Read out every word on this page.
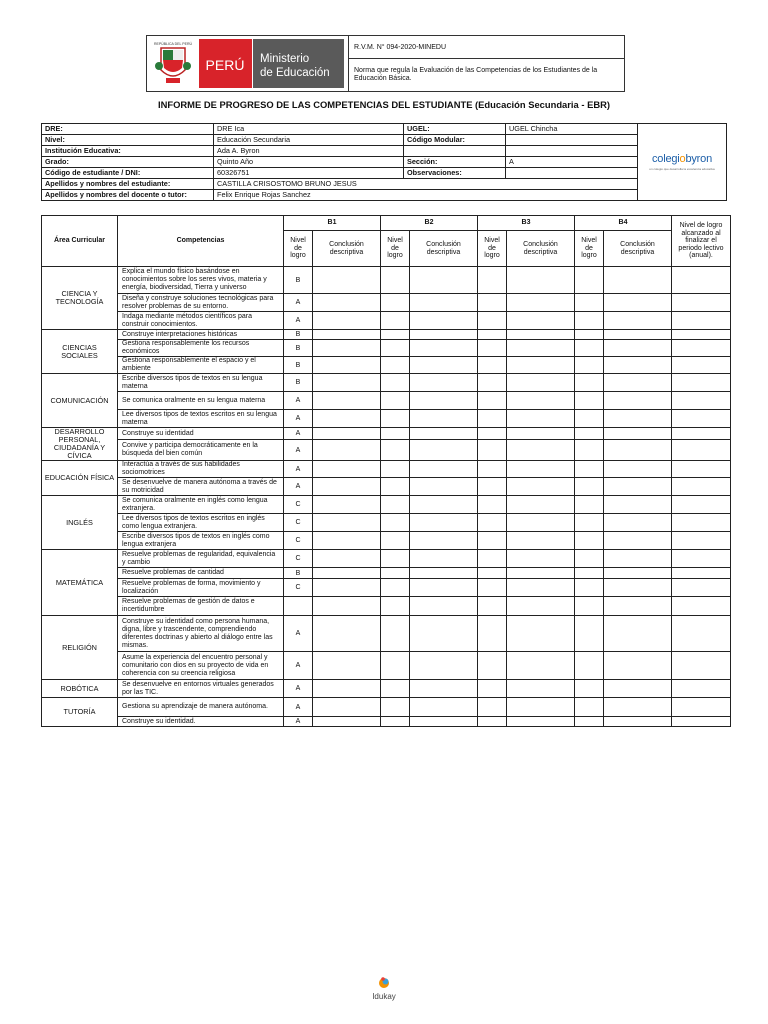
REPÚBLICA DEL PERÚ
PERÚ Ministerio
de Educación
R.V.M. N° 094-2020-MINEDU
Norma que regula la Evaluación de las Competencias de los Estudiantes de la Educación Básica.
INFORME DE PROGRESO DE LAS COMPETENCIAS DEL ESTUDIANTE (Educación Secundaria - EBR)
DRE:	DRE Ica	UGEL:	UGEL Chincha	colegiobyron
un colegio que desarrolla la excelencia educativa

Nivel:	Educación Secundaria	Código Modular:		
Institución Educativa:	Ada A. Byron			
Grado:	Quinto Año	Sección:	A	
Código de estudiante / DNI:	60326751	Observaciones:		
Apellidos y nombres del estudiante:	CASTILLA CRISOSTOMO BRUNO JESUS			
Apellidos y nombres del docente o tutor:	Felix Enrique Rojas Sanchez			
Área Curricular	Competencias	B1		B2		B3		B4		Nivel de logro alcanzado al finalizar el periodo lectivo (anual).
		Nivel de logro	Conclusión descriptiva	Nivel de logro	Conclusión descriptiva	Nivel de logro	Conclusión descriptiva	Nivel de logro	Conclusión descriptiva	
CIENCIA Y TECNOLOGÍA	Explica el mundo físico basándose en conocimientos sobre los seres vivos, materia y energía, biodiversidad, Tierra y universo	B								
	Diseña y construye soluciones tecnológicas para resolver problemas de su entorno.	A								
	Indaga mediante métodos científicos para construir conocimientos.	A								
CIENCIAS SOCIALES	Construye interpretaciones históricas	B								
	Gestiona responsablemente los recursos económicos	B								
	Gestiona responsablemente el espacio y el ambiente	B								
COMUNICACIÓN	Escribe diversos tipos de textos en su lengua materna	B								
	Se comunica oralmente en su lengua materna	A								
	Lee diversos tipos de textos escritos en su lengua materna	A								
DESARROLLO PERSONAL, CIUDADANÍA Y CÍVICA	Construye su identidad	A								
	Convive y participa democráticamente en la búsqueda del bien común	A								
EDUCACIÓN FÍSICA	Interactúa a través de sus habilidades sociomotrices	A								
	Se desenvuelve de manera autónoma a través de su motricidad	A								
INGLÉS	Se comunica oralmente en inglés como lengua extranjera.	C								
	Lee diversos tipos de textos escritos en inglés como lengua extranjera.	C								
	Escribe diversos tipos de textos en inglés como lengua extranjera	C								
MATEMÁTICA	Resuelve problemas de regularidad, equivalencia y cambio	C								
	Resuelve problemas de cantidad	B								
	Resuelve problemas de forma, movimiento y localización	C								
	Resuelve problemas de gestión de datos e incertidumbre									
RELIGIÓN	Construye su identidad como persona humana, digna, libre y trascendente, comprendiendo diferentes doctrinas y abierto al diálogo entre las mismas.	A								
	Asume la experiencia del encuentro personal y comunitario con dios en su proyecto de vida en coherencia con su creencia religiosa	A								
ROBÓTICA	Se desenvuelve en entornos virtuales generados por las TIC.	A								
TUTORÍA	Gestiona su aprendizaje de manera autónoma.	A								
	Construye su identidad.	A								
Idukay
